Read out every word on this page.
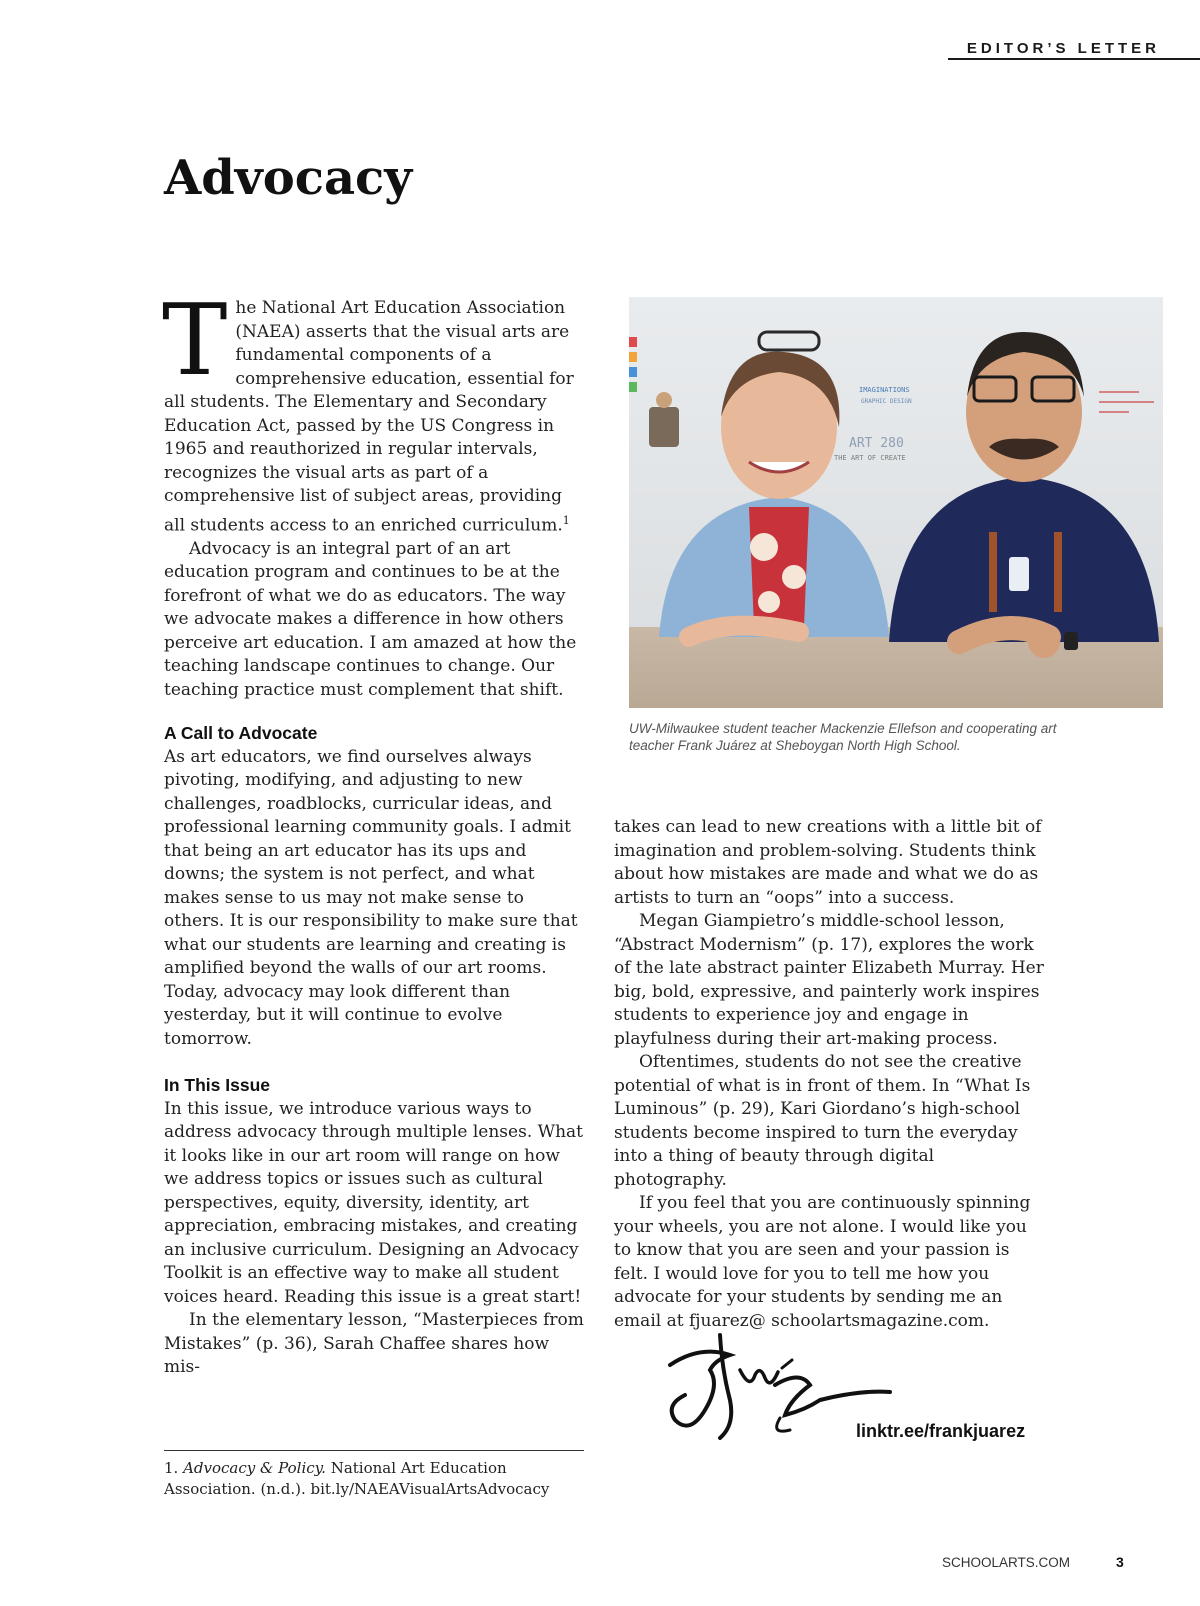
EDITOR’S LETTER
Advocacy

The National Art Education Association (NAEA) asserts that the visual arts are fundamental components of a comprehensive education, essential for all students. The Elementary and Secondary Education Act, passed by the US Congress in 1965 and reauthorized in regular intervals, recognizes the visual arts as part of a comprehensive list of subject areas, providing all students access to an enriched curriculum.$^1$

Advocacy is an integral part of an art education program and continues to be at the forefront of what we do as educators. The way we advocate makes a difference in how others perceive art education. I am amazed at how the teaching landscape continues to change. Our teaching practice must complement that shift.

A Call to Advocate

As art educators, we find ourselves always pivoting, modifying, and adjusting to new challenges, roadblocks, curricular ideas, and professional learning community goals. I admit that being an art educator has its ups and downs; the system is not perfect, and what makes sense to us may not make sense to others. It is our responsibility to make sure that what our students are learning and creating is amplified beyond the walls of our art rooms. Today, advocacy may look different than yesterday, but it will continue to evolve tomorrow.

In This Issue

In this issue, we introduce various ways to address advocacy through multiple lenses. What it looks like in our art room will range on how we address topics or issues such as cultural perspectives, equity, diversity, identity, art appreciation, embracing mistakes, and creating an inclusive curriculum. Designing an Advocacy Toolkit is an effective way to make all student voices heard. Reading this issue is a great start!

In the elementary lesson, “Masterpieces from Mistakes” (p. 36), Sarah Chaffee shares how mis-

ART 280
THE ART OF CREATE
IMAGINATIONS
GRAPHIC DESIGN
UW-Milwaukee student teacher Mackenzie Ellefson and cooperating art teacher Frank Juárez at Sheboygan North High School.

takes can lead to new creations with a little bit of imagination and problem-solving. Students think about how mistakes are made and what we do as artists to turn an “oops” into a success.

Megan Giampietro’s middle-school lesson, “Abstract Modernism” (p. 17), explores the work of the late abstract painter Elizabeth Murray. Her big, bold, expressive, and painterly work inspires students to experience joy and engage in playfulness during their art-making process.

Oftentimes, students do not see the creative potential of what is in front of them. In “What Is Luminous” (p. 29), Kari Giordano’s high-school students become inspired to turn the everyday into a thing of beauty through digital photography.

If you feel that you are continuously spinning your wheels, you are not alone. I would like you to know that you are seen and your passion is felt. I would love for you to tell me how you advocate for your students by sending me an email at fjuarez@ schoolartsmagazine.com.

linktr.ee/frankjuarez
1. Advocacy & Policy. National Art Education Association. (n.d.). bit.ly/NAEAVisualArtsAdvocacy
SCHOOLARTS.COM	3
